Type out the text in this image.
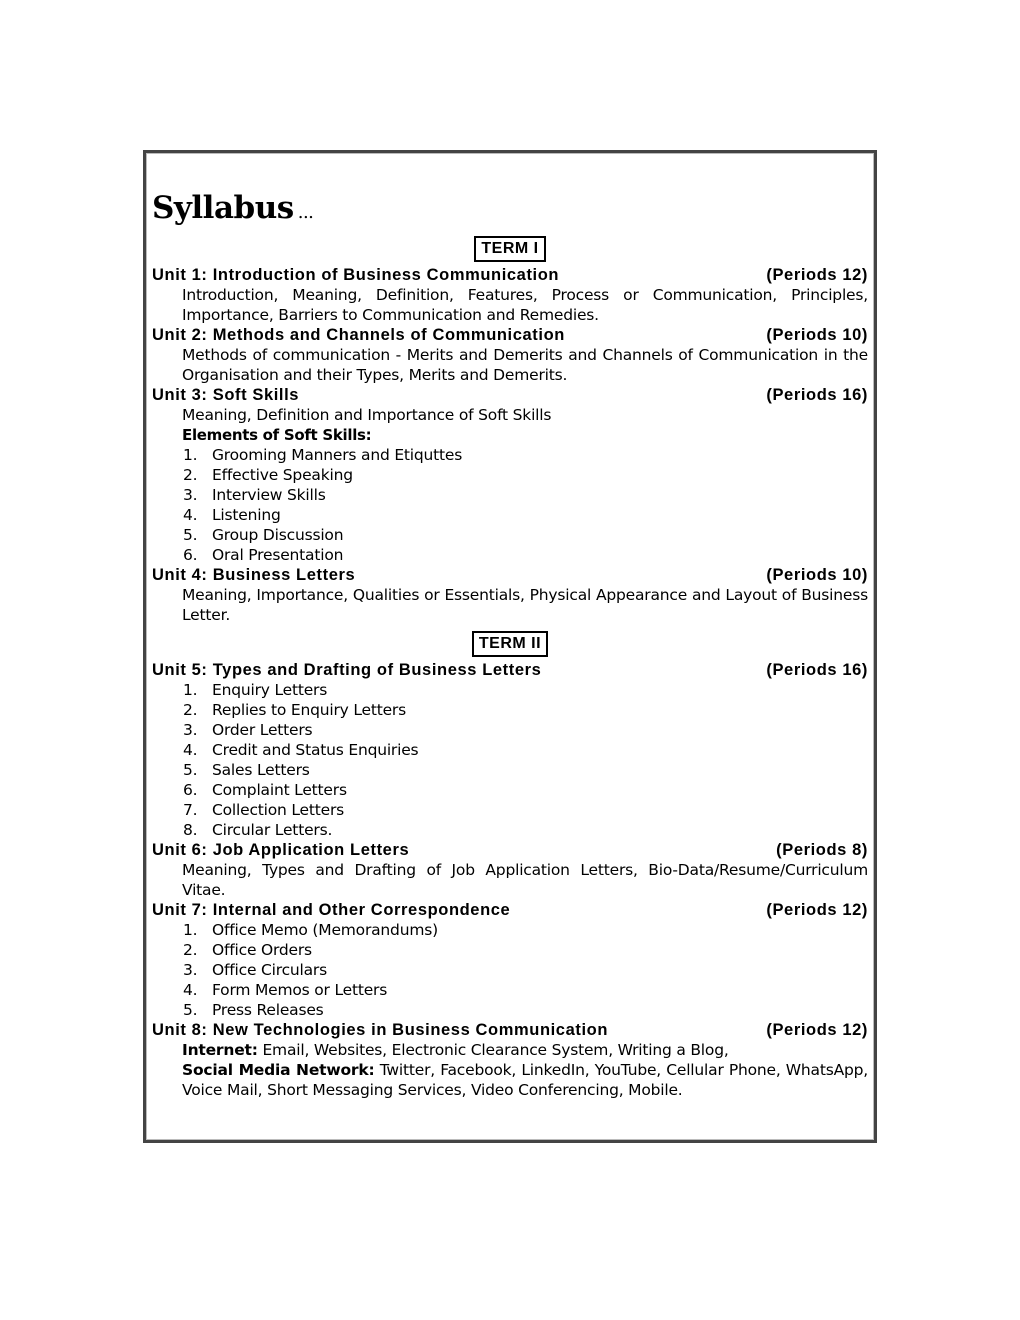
Syllabus ...
TERM I
Unit 1: Introduction of Business Communication	(Periods 12)
Introduction, Meaning, Definition, Features, Process or Communication, Principles, Importance, Barriers to Communication and Remedies.
Unit 2: Methods and Channels of Communication	(Periods 10)
Methods of communication - Merits and Demerits and Channels of Communication in the Organisation and their Types, Merits and Demerits.
Unit 3: Soft Skills	(Periods 16)
Meaning, Definition and Importance of Soft Skills
Elements of Soft Skills:
1. Grooming Manners and Etiquttes
2. Effective Speaking
3. Interview Skills
4. Listening
5. Group Discussion
6. Oral Presentation
Unit 4: Business Letters	(Periods 10)
Meaning, Importance, Qualities or Essentials, Physical Appearance and Layout of Business Letter.
TERM II
Unit 5: Types and Drafting of Business Letters	(Periods 16)
1. Enquiry Letters
2. Replies to Enquiry Letters
3. Order Letters
4. Credit and Status Enquiries
5. Sales Letters
6. Complaint Letters
7. Collection Letters
8. Circular Letters.
Unit 6: Job Application Letters	(Periods 8)
Meaning, Types and Drafting of Job Application Letters, Bio-Data/Resume/Curriculum Vitae.
Unit 7: Internal and Other Correspondence	(Periods 12)
1. Office Memo (Memorandums)
2. Office Orders
3. Office Circulars
4. Form Memos or Letters
5. Press Releases
Unit 8: New Technologies in Business Communication	(Periods 12)
Internet: Email, Websites, Electronic Clearance System, Writing a Blog,
Social Media Network: Twitter, Facebook, LinkedIn, YouTube, Cellular Phone, WhatsApp, Voice Mail, Short Messaging Services, Video Conferencing, Mobile.
